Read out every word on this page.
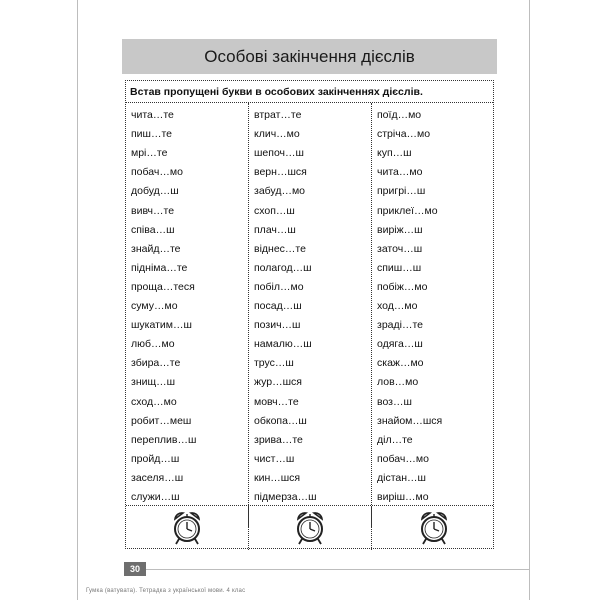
Особові закінчення дієслів
Встав пропущені букви в особових закінченнях дієслів.
чита…те
пиш…те
мрі…те
побач…мо
добуд…ш
вивч…те
співа…ш
знайд…те
підніма…те
проща…теся
суму…мо
шукатим…ш
люб…мо
збира…те
знищ…ш
сход…мо
робит…меш
переплив…ш
пройд…ш
заселя…ш
служи…ш
втрат…те
клич…мо
шепоч…ш
верн…шся
забуд…мо
схоп…ш
плач…ш
віднес…те
полагод…ш
побіл…мо
посад…ш
позич…ш
намалю…ш
трус…ш
жур…шся
мовч…те
обкопа…ш
зрива…те
чист…ш
кин…шся
підмерза…ш
поїд…мо
стріча…мо
куп…ш
чита…мо
пригрі…ш
приклеї…мо
виріж…ш
заточ…ш
спиш…ш
побіж…мо
ход…мо
зраді…те
одяга…ш
скаж…мо
лов…мо
воз…ш
знайом…шся
діл…те
побач…мо
дістан…ш
виріш…мо
30
Гумка (ватувата). Тетрадка з української мови. 4 клас
